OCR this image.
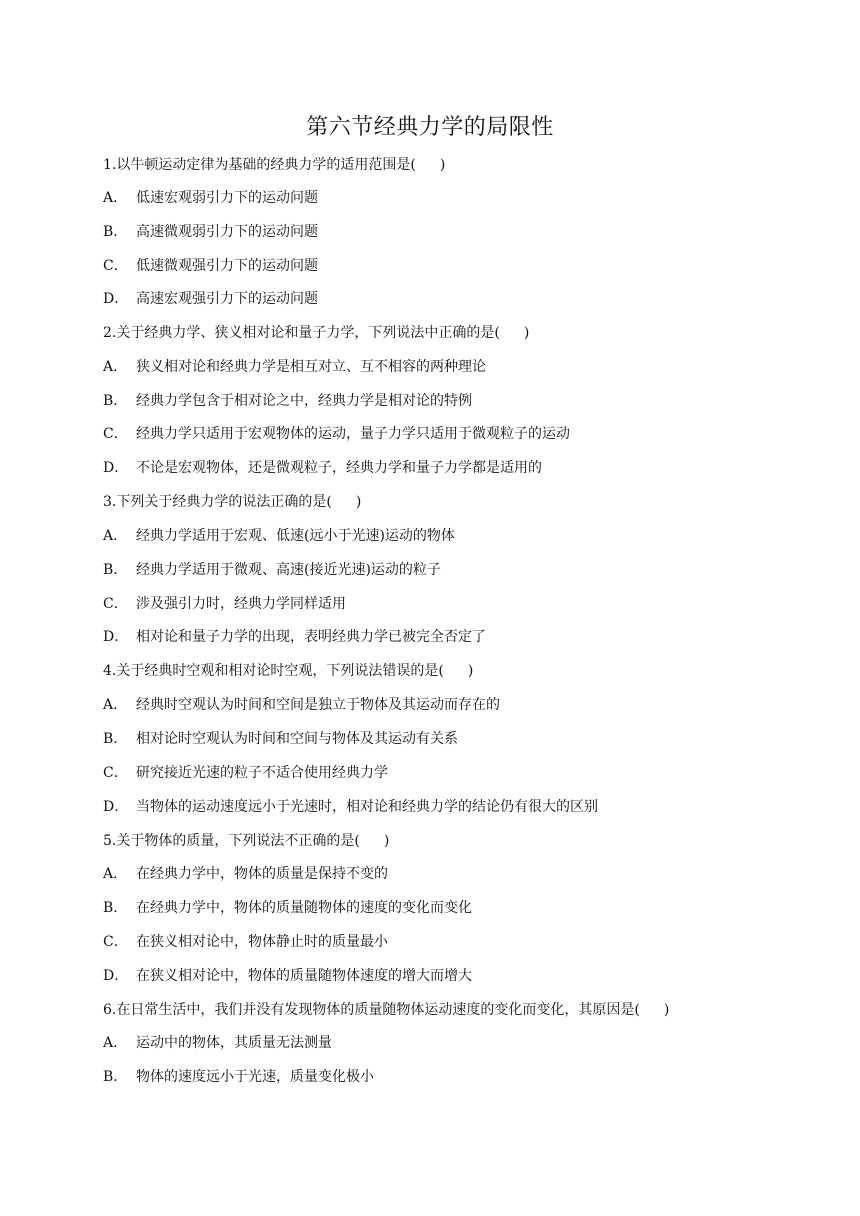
第六节经典力学的局限性
1.以牛顿运动定律为基础的经典力学的适用范围是( )
A． 低速宏观弱引力下的运动问题
B． 高速微观弱引力下的运动问题
C． 低速微观强引力下的运动问题
D． 高速宏观强引力下的运动问题
2.关于经典力学、狭义相对论和量子力学，下列说法中正确的是( )
A． 狭义相对论和经典力学是相互对立、互不相容的两种理论
B． 经典力学包含于相对论之中，经典力学是相对论的特例
C． 经典力学只适用于宏观物体的运动，量子力学只适用于微观粒子的运动
D． 不论是宏观物体，还是微观粒子，经典力学和量子力学都是适用的
3.下列关于经典力学的说法正确的是( )
A． 经典力学适用于宏观、低速(远小于光速)运动的物体
B． 经典力学适用于微观、高速(接近光速)运动的粒子
C． 涉及强引力时，经典力学同样适用
D． 相对论和量子力学的出现，表明经典力学已被完全否定了
4.关于经典时空观和相对论时空观，下列说法错误的是( )
A． 经典时空观认为时间和空间是独立于物体及其运动而存在的
B． 相对论时空观认为时间和空间与物体及其运动有关系
C． 研究接近光速的粒子不适合使用经典力学
D． 当物体的运动速度远小于光速时，相对论和经典力学的结论仍有很大的区别
5.关于物体的质量，下列说法不正确的是( )
A． 在经典力学中，物体的质量是保持不变的
B． 在经典力学中，物体的质量随物体的速度的变化而变化
C． 在狭义相对论中，物体静止时的质量最小
D． 在狭义相对论中，物体的质量随物体速度的增大而增大
6.在日常生活中，我们并没有发现物体的质量随物体运动速度的变化而变化，其原因是( )
A． 运动中的物体，其质量无法测量
B． 物体的速度远小于光速，质量变化极小
